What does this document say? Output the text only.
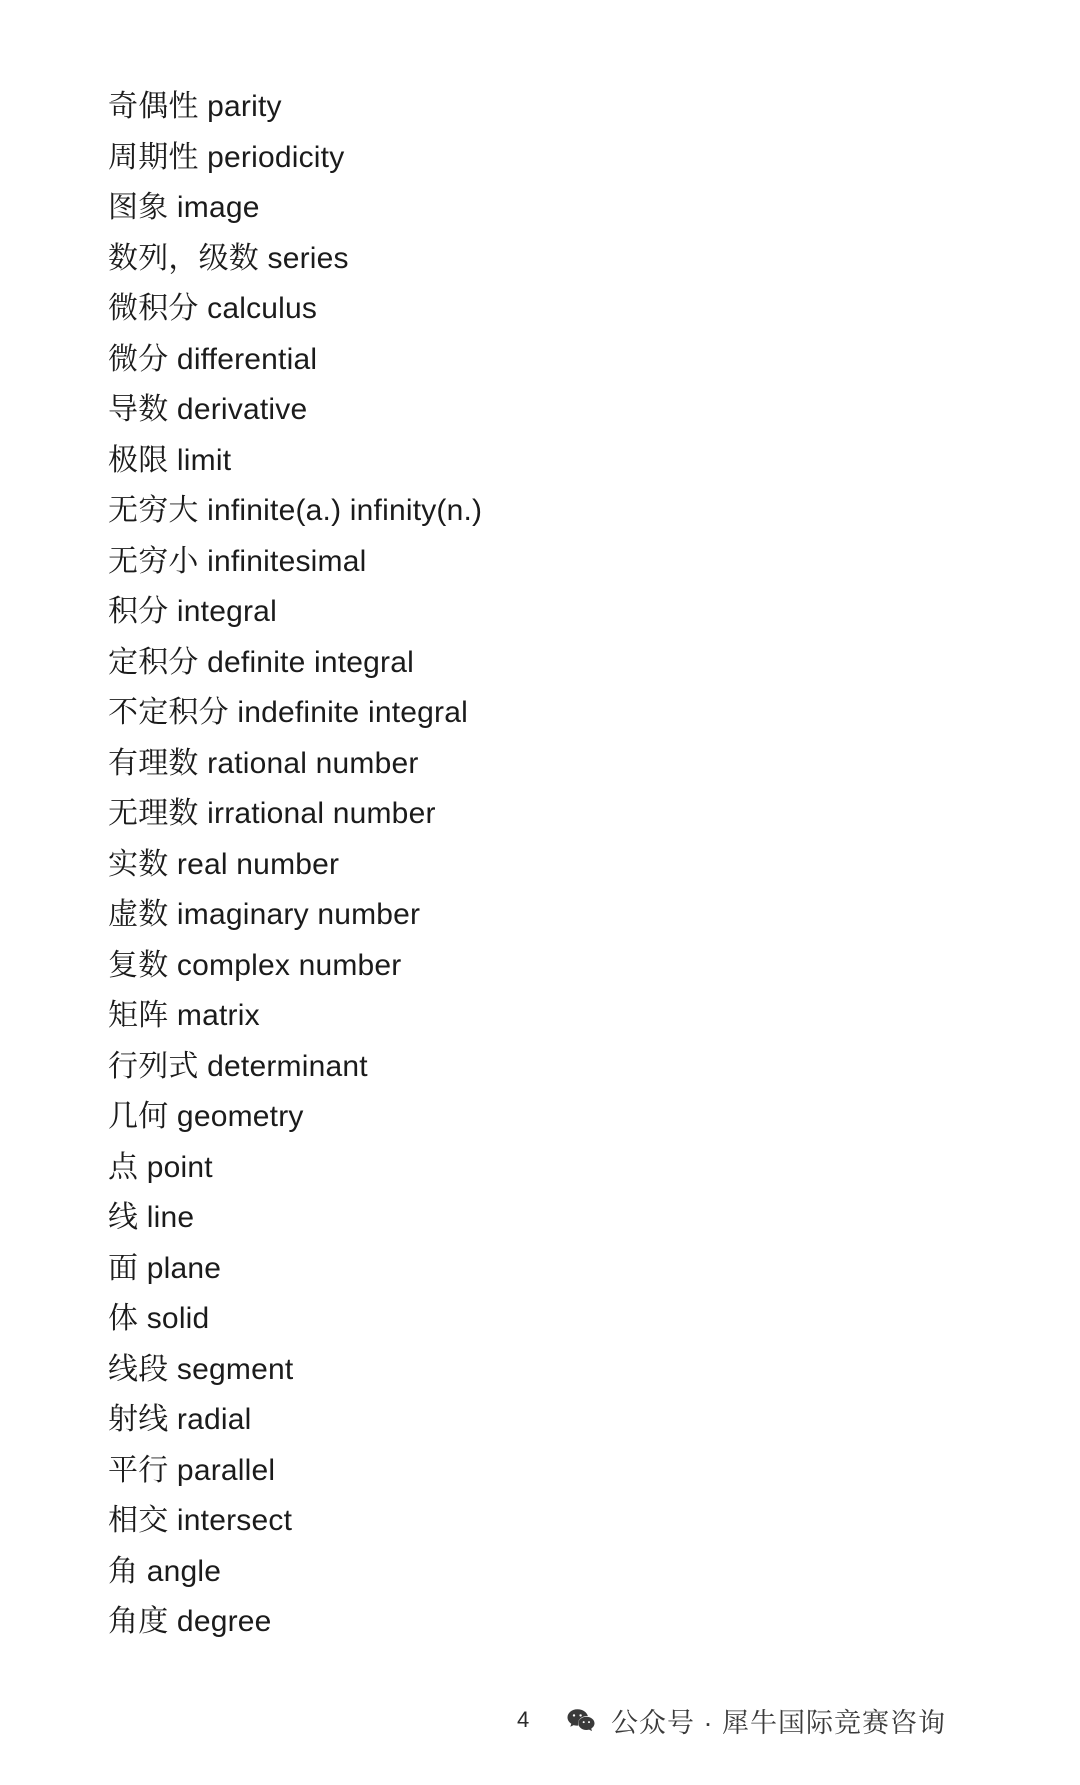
奇偶性 parity
周期性 periodicity
图象 image
数列，级数 series
微积分 calculus
微分 differential
导数 derivative
极限 limit
无穷大 infinite(a.) infinity(n.)
无穷小 infinitesimal
积分 integral
定积分 definite integral
不定积分 indefinite integral
有理数 rational number
无理数 irrational number
实数 real number
虚数 imaginary number
复数 complex number
矩阵 matrix
行列式 determinant
几何 geometry
点 point
线 line
面 plane
体 solid
线段 segment
射线 radial
平行 parallel
相交 intersect
角 angle
角度 degree
4	公众号 · 犀牛国际竞赛咨询
